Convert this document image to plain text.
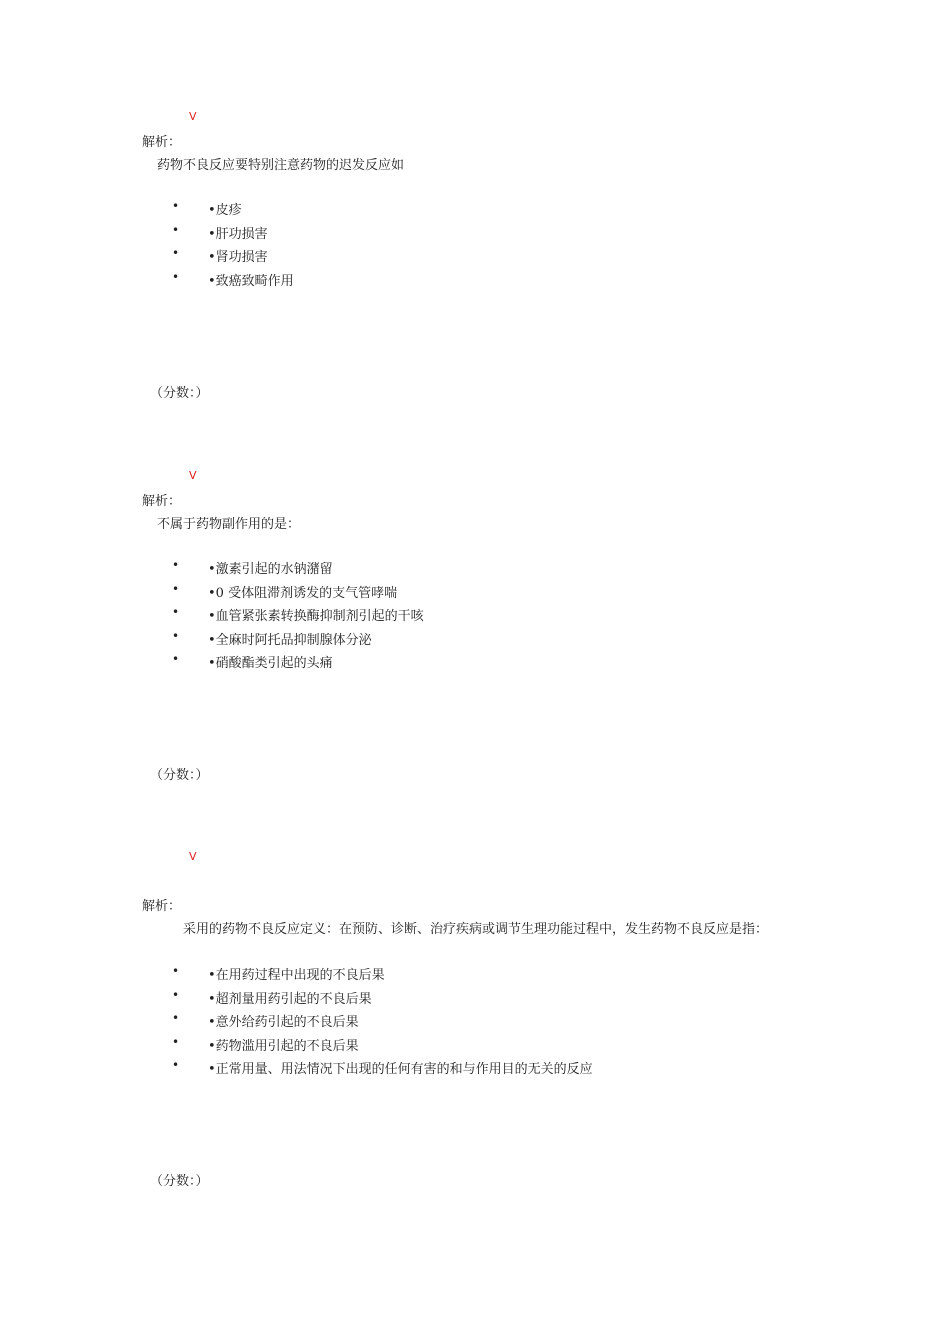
V
解析：
药物不良反应要特别注意药物的迟发反应如
• •皮疹
• •肝功损害
• •肾功损害
• •致癌致畸作用
（分数：）
V
解析：
不属于药物副作用的是：
• •激素引起的水钠潴留
• •0 受体阻滞剂诱发的支气管哮喘
• •血管紧张素转换酶抑制剂引起的干咳
• •全麻时阿托品抑制腺体分泌
• •硝酸酯类引起的头痛
（分数：）
V
解析：
采用的药物不良反应定义：在预防、诊断、治疗疾病或调节生理功能过程中，发生药物不良反应是指：
• •在用药过程中出现的不良后果
• •超剂量用药引起的不良后果
• •意外给药引起的不良后果
• •药物滥用引起的不良后果
• •正常用量、用法情况下出现的任何有害的和与作用目的无关的反应
（分数：）
